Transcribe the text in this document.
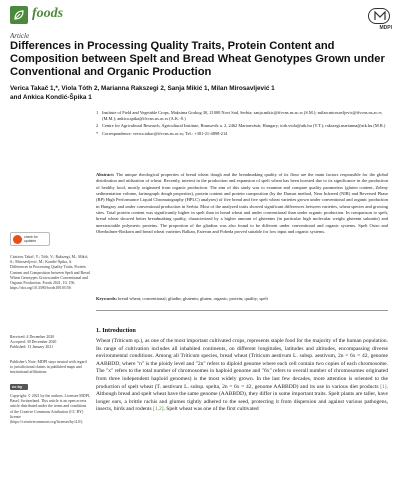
foods
MDPI
Article
Differences in Processing Quality Traits, Protein Content and Composition between Spelt and Bread Wheat Genotypes Grown under Conventional and Organic Production
Verica Takač 1,*, Viola Tóth 2, Marianna Rakszegi 2, Sanja Mikić 1, Milan Mirosavljević 1
and Ankica Kondić-Špika 1
1 Institute of Field and Vegetable Crops, Maksima Gorkog 30, 21000 Novi Sad, Serbia; sanja.mikic@ifvcns.ns.ac.rs (S.M.); milan.mirosavljevic@ifvcns.ns.ac.rs (M.M.); ankica.spika@ifvcns.ns.ac.rs (A.K.-Š.)
2 Centre for Agricultural Research, Agricultural Institute, Brunszvik u. 2, 2462 Martonvásár, Hungary; toth.viola@atk.hu (V.T.); rakszegi.marianna@atk.hu (M.R.)
* Correspondence: verica.takac@ifvcns.ns.ac.rs; Tel.: +381-21-4898-214
Abstract: The unique rheological properties of bread wheat dough and the breadmaking quality of its flour are the main factors responsible for the global distribution and utilization of wheat. Recently, interest in the production and expansion of spelt wheat has been boosted due to its significance in the production of healthy food, mostly originated from organic production. The aim of this study was to examine and compare quality parameters (gluten content, Zeleny sedimentation volume, farinograph dough properties), protein content and protein composition (by the Dumas method, Near Infrared (NIR) and Reversed Phase (RP) High Performance Liquid Chromatography (HPLC) analyses) of five bread and five spelt wheat varieties grown under conventional and organic production in Hungary and under conventional production in Serbia. Most of the analyzed traits showed significant differences between varieties, wheat species and growing sites. Total protein content was significantly higher in spelt than in bread wheat and under conventional than under organic production. In comparison to spelt, bread wheat showed better breadmaking quality, characterized by a higher amount of glutenins (in particular high molecular weight glutenin subunits) and unextractable polymeric proteins. The proportion of the gliadins was also found to be different under conventional and organic systems. Spelt Ostro and Oberkulmer-Rotkorn and bread wheat varieties Balkan, Estevan and Pobeda proved suitable for low input and organic systems.
Keywords: bread wheat; conventional; gliadin; glutenin; gluten; organic; protein; quality; spelt
check for
updates
Citation: Takač, V.; Tóth, V.; Rakszegi, M.; Mikić, S.; Mirosavljević, M.; Kondić-Špika, A. Differences in Processing Quality Traits, Protein Content and Composition between Spelt and Bread Wheat Genotypes Grown under Conventional and Organic Production. Foods 2021, 10, 156. https://doi.org/10.3390/foods10010156
Received: 4 December 2020
Accepted: 30 December 2020
Published: 13 January 2021
Publisher's Note: MDPI stays neutral with regard to jurisdictional claims in published maps and institutional affiliations.
cc by
Copyright: © 2021 by the authors. Licensee MDPI, Basel, Switzerland. This article is an open access article distributed under the terms and conditions of the Creative Commons Attribution (CC BY) license (https://creativecommons.org/licenses/by/4.0/).
1. Introduction
Wheat (Triticum sp.), as one of the most important cultivated crops, represents staple food for the majority of the human population. Its range of cultivation includes all inhabited continents, on different longitudes, latitudes and altitudes, encompassing diverse environmental conditions. Among all Triticum species, bread wheat (Triticum aestivum L. subsp. aestivum, 2n = 6x = 42, genome AABBDD, where "n" is the ploidy level and "2n" refers to diploid genome where each cell contain two copies of each chromosome. The "x" refers to the total number of chromosomes in haploid genome and "6x" refers to overall number of chromosomes originated from three independent haploid genomes) is the most widely grown. In the last few decades, more attention is oriented to the production of spelt wheat (T. aestivum L. subsp. spelta, 2n = 6x = 42, genome AABBDD) and its use in various diet products [1]. Although bread and spelt wheat have the same genome (AABBDD), they differ in some important traits. Spelt plants are taller, have longer ears, a brittle rachis and glumes tightly adhered to the seed, protecting it from dispersion and against various pathogens, insects, birds and rodents [1,2]. Spelt wheat was one of the first cultivated
